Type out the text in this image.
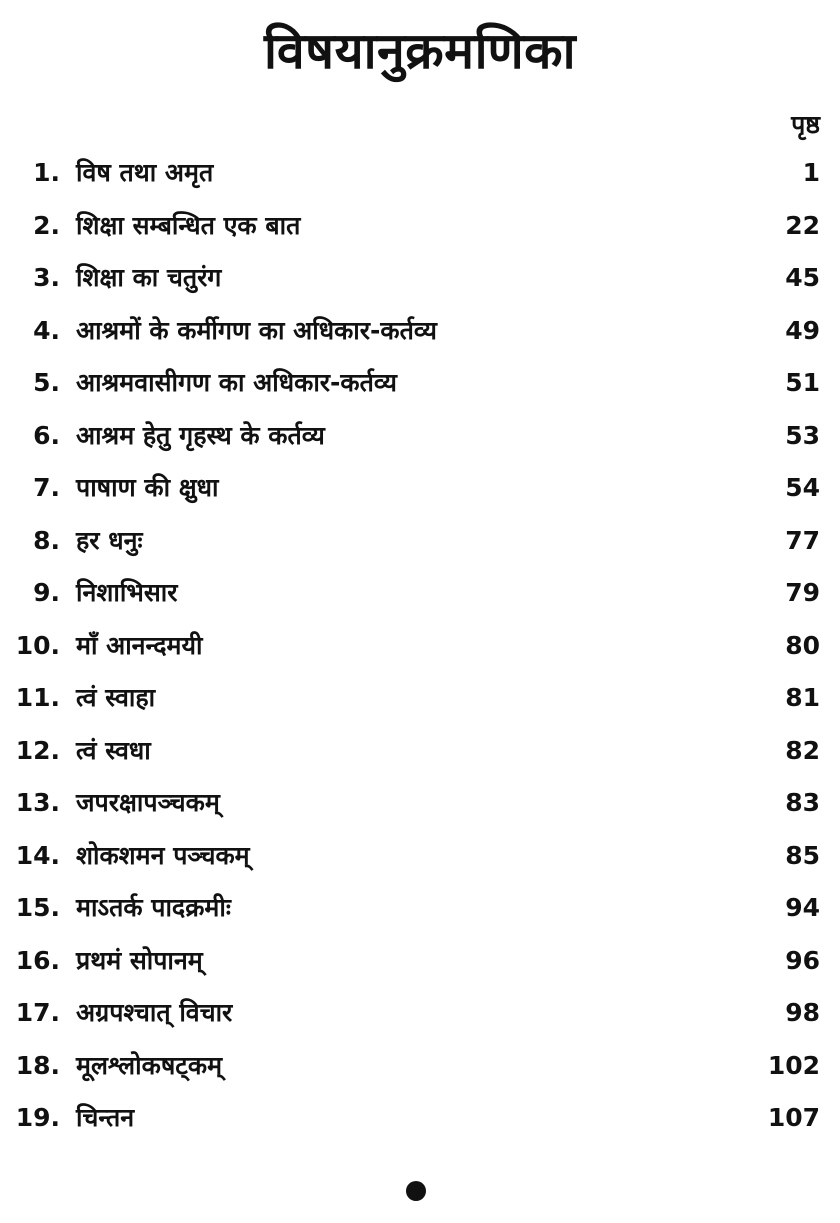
विषयानुक्रमणिका
पृष्ठ
1. विष तथा अमृत	1
2. शिक्षा सम्बन्धित एक बात	22
3. शिक्षा का चतुरंग	45
4. आश्रमों के कर्मीगण का अधिकार-कर्तव्य	49
5. आश्रमवासीगण का अधिकार-कर्तव्य	51
6. आश्रम हेतु गृहस्थ के कर्तव्य	53
7. पाषाण की क्षुधा	54
8. हर धनुः	77
9. निशाभिसार	79
10. माँ आनन्दमयी	80
11. त्वं स्वाहा	81
12. त्वं स्वधा	82
13. जपरक्षापञ्चकम्	83
14. शोकशमन पञ्चकम्	85
15. माऽतर्क पादक्रमीः	94
16. प्रथमं सोपानम्	96
17. अग्रपश्चात् विचार	98
18. मूलश्लोकषट्कम्	102
19. चिन्तन	107
